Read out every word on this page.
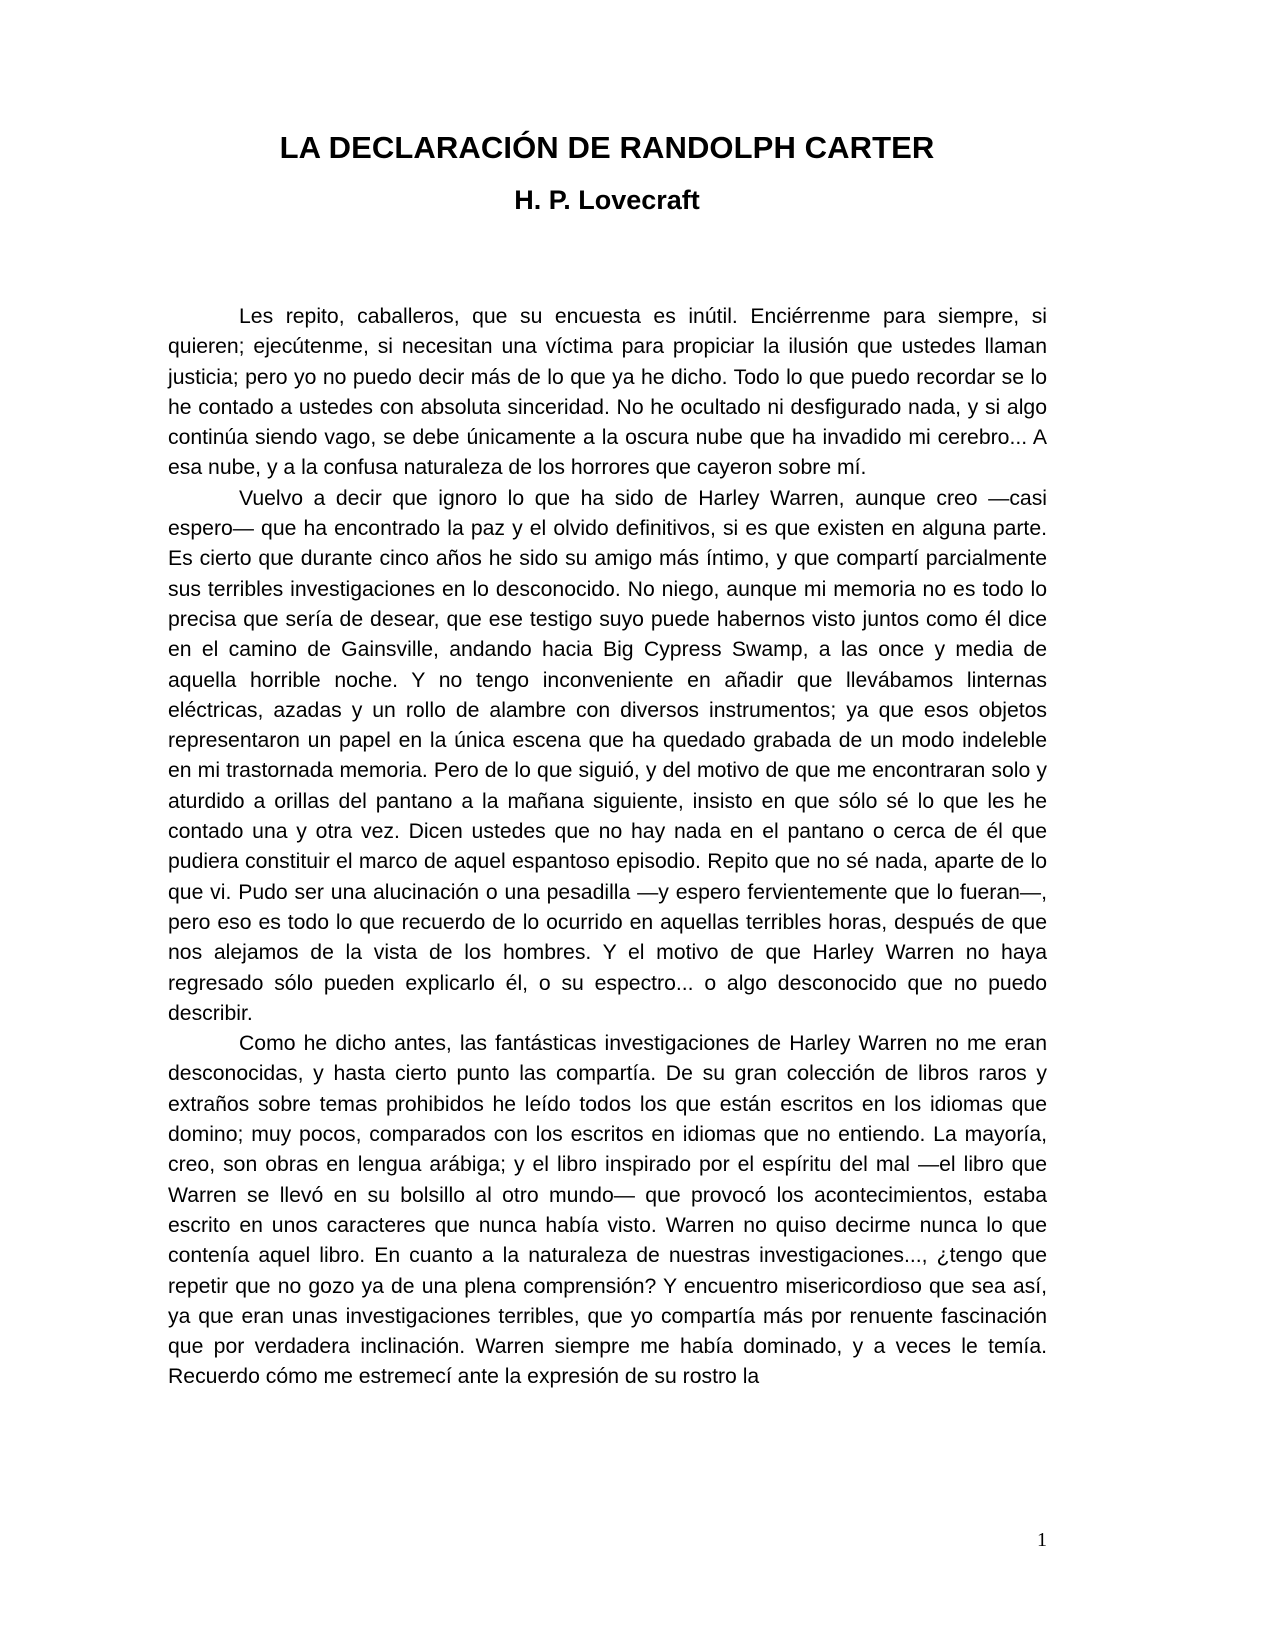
LA DECLARACIÓN DE RANDOLPH CARTER
H. P. Lovecraft

Les repito, caballeros, que su encuesta es inútil. Enciérrenme para siempre, si quieren; ejecútenme, si necesitan una víctima para propiciar la ilusión que ustedes llaman justicia; pero yo no puedo decir más de lo que ya he dicho. Todo lo que puedo recordar se lo he contado a ustedes con absoluta sinceridad. No he ocultado ni desfigurado nada, y si algo continúa siendo vago, se debe únicamente a la oscura nube que ha invadido mi cerebro... A esa nube, y a la confusa naturaleza de los horrores que cayeron sobre mí.

Vuelvo a decir que ignoro lo que ha sido de Harley Warren, aunque creo —casi espero— que ha encontrado la paz y el olvido definitivos, si es que existen en alguna parte. Es cierto que durante cinco años he sido su amigo más íntimo, y que compartí parcialmente sus terribles investigaciones en lo desconocido. No niego, aunque mi memoria no es todo lo precisa que sería de desear, que ese testigo suyo puede habernos visto juntos como él dice en el camino de Gainsville, andando hacia Big Cypress Swamp, a las once y media de aquella horrible noche. Y no tengo inconveniente en añadir que llevábamos linternas eléctricas, azadas y un rollo de alambre con diversos instrumentos; ya que esos objetos representaron un papel en la única escena que ha quedado grabada de un modo indeleble en mi trastornada memoria. Pero de lo que siguió, y del motivo de que me encontraran solo y aturdido a orillas del pantano a la mañana siguiente, insisto en que sólo sé lo que les he contado una y otra vez. Dicen ustedes que no hay nada en el pantano o cerca de él que pudiera constituir el marco de aquel espantoso episodio. Repito que no sé nada, aparte de lo que vi. Pudo ser una alucinación o una pesadilla —y espero fervientemente que lo fueran—, pero eso es todo lo que recuerdo de lo ocurrido en aquellas terribles horas, después de que nos alejamos de la vista de los hombres. Y el motivo de que Harley Warren no haya regresado sólo pueden explicarlo él, o su espectro... o algo desconocido que no puedo describir.

Como he dicho antes, las fantásticas investigaciones de Harley Warren no me eran desconocidas, y hasta cierto punto las compartía. De su gran colección de libros raros y extraños sobre temas prohibidos he leído todos los que están escritos en los idiomas que domino; muy pocos, comparados con los escritos en idiomas que no entiendo. La mayoría, creo, son obras en lengua arábiga; y el libro inspirado por el espíritu del mal —el libro que Warren se llevó en su bolsillo al otro mundo— que provocó los acontecimientos, estaba escrito en unos caracteres que nunca había visto. Warren no quiso decirme nunca lo que contenía aquel libro. En cuanto a la naturaleza de nuestras investigaciones..., ¿tengo que repetir que no gozo ya de una plena comprensión? Y encuentro misericordioso que sea así, ya que eran unas investigaciones terribles, que yo compartía más por renuente fascinación que por verdadera inclinación. Warren siempre me había dominado, y a veces le temía. Recuerdo cómo me estremecí ante la expresión de su rostro la

1
